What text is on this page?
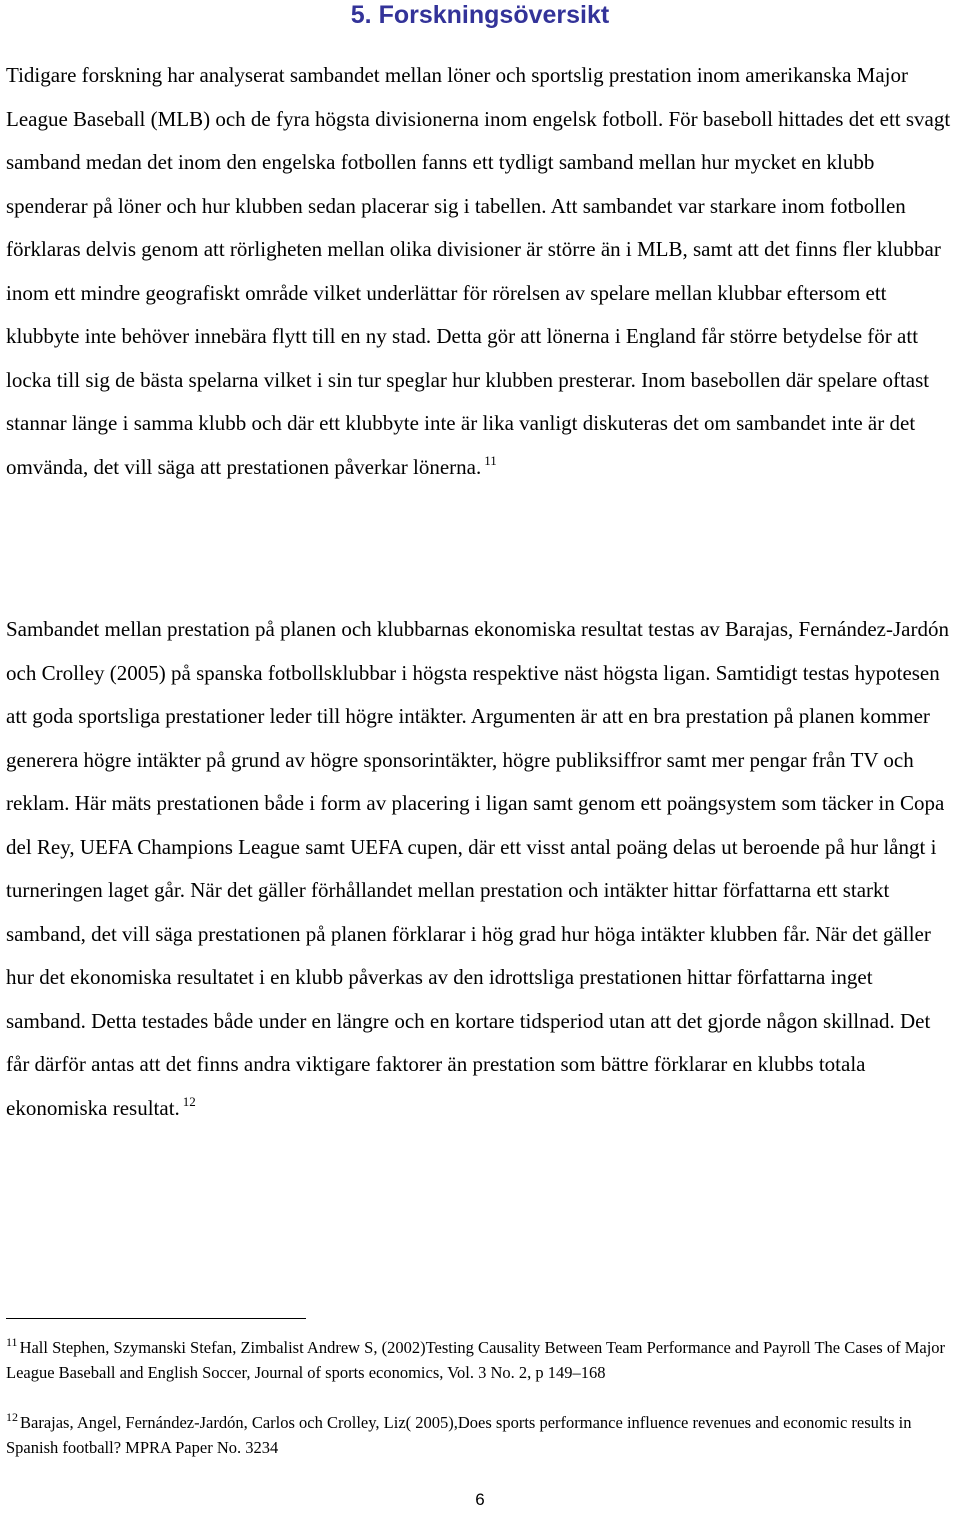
5. Forskningsöversikt

Tidigare forskning har analyserat sambandet mellan löner och sportslig prestation inom amerikanska Major League Baseball (MLB) och de fyra högsta divisionerna inom engelsk fotboll. För baseboll hittades det ett svagt samband medan det inom den engelska fotbollen fanns ett tydligt samband mellan hur mycket en klubb spenderar på löner och hur klubben sedan placerar sig i tabellen. Att sambandet var starkare inom fotbollen förklaras delvis genom att rörligheten mellan olika divisioner är större än i MLB, samt att det finns fler klubbar inom ett mindre geografiskt område vilket underlättar för rörelsen av spelare mellan klubbar eftersom ett klubbyte inte behöver innebära flytt till en ny stad. Detta gör att lönerna i England får större betydelse för att locka till sig de bästa spelarna vilket i sin tur speglar hur klubben presterar. Inom basebollen där spelare oftast stannar länge i samma klubb och där ett klubbyte inte är lika vanligt diskuteras det om sambandet inte är det omvända, det vill säga att prestationen påverkar lönerna. $^{11}$

Sambandet mellan prestation på planen och klubbarnas ekonomiska resultat testas av Barajas, Fernández-Jardón och Crolley (2005) på spanska fotbollsklubbar i högsta respektive näst högsta ligan. Samtidigt testas hypotesen att goda sportsliga prestationer leder till högre intäkter. Argumenten är att en bra prestation på planen kommer generera högre intäkter på grund av högre sponsorintäkter, högre publiksiffror samt mer pengar från TV och reklam. Här mäts prestationen både i form av placering i ligan samt genom ett poängsystem som täcker in Copa del Rey, UEFA Champions League samt UEFA cupen, där ett visst antal poäng delas ut beroende på hur långt i turneringen laget går. När det gäller förhållandet mellan prestation och intäkter hittar författarna ett starkt samband, det vill säga prestationen på planen förklarar i hög grad hur höga intäkter klubben får. När det gäller hur det ekonomiska resultatet i en klubb påverkas av den idrottsliga prestationen hittar författarna inget samband. Detta testades både under en längre och en kortare tidsperiod utan att det gjorde någon skillnad. Det får därför antas att det finns andra viktigare faktorer än prestation som bättre förklarar en klubbs totala ekonomiska resultat. $^{12}$

$^{11}$ Hall Stephen, Szymanski Stefan, Zimbalist Andrew S, (2002)Testing Causality Between Team Performance and Payroll The Cases of Major League Baseball and English Soccer, Journal of sports economics, Vol. 3 No. 2, p 149–168

$^{12}$ Barajas, Angel, Fernández-Jardón, Carlos och Crolley, Liz( 2005),Does sports performance influence revenues and economic results in Spanish football? MPRA Paper No. 3234

6
